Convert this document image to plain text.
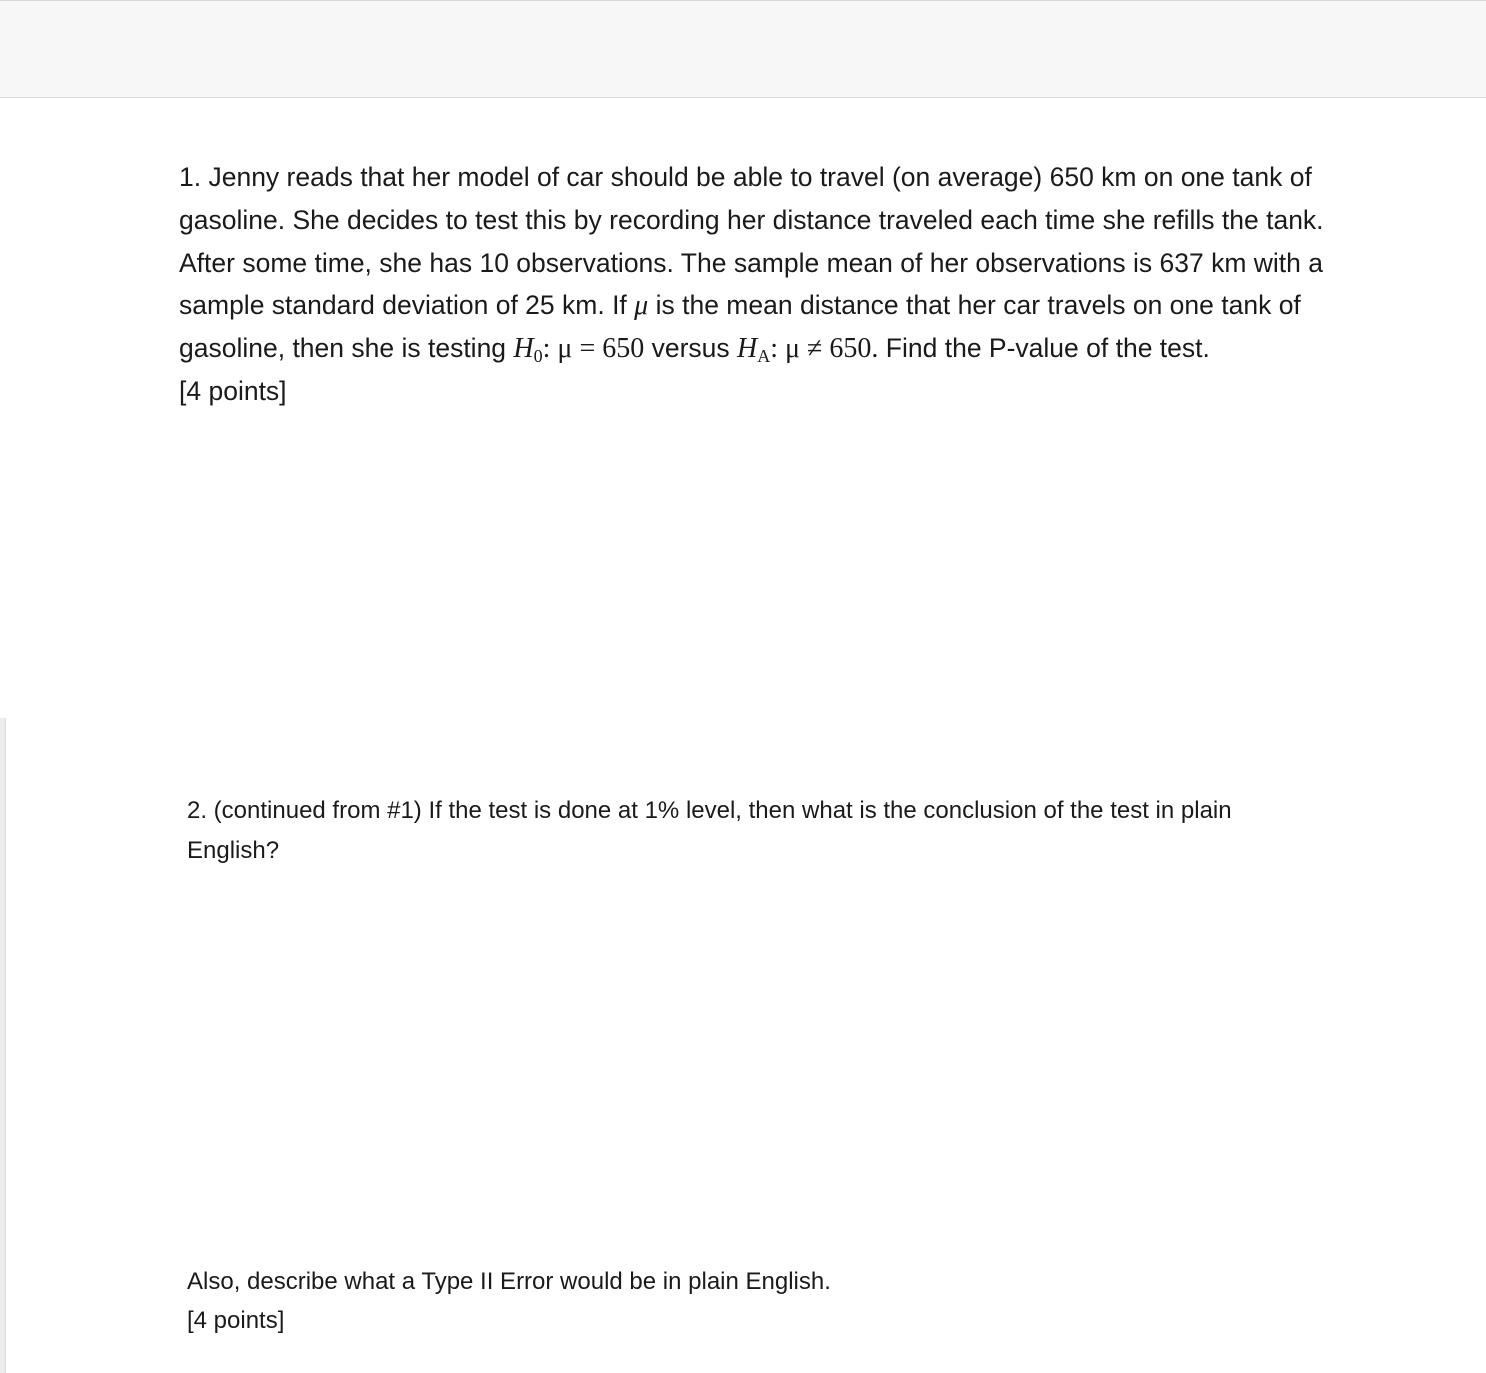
1. Jenny reads that her model of car should be able to travel (on average) 650 km on one tank of
gasoline. She decides to test this by recording her distance traveled each time she refills the tank.
After some time, she has 10 observations. The sample mean of her observations is 637 km with a
sample standard deviation of 25 km. If μ is the mean distance that her car travels on one tank of
gasoline, then she is testing $H_0$: μ = 650 versus $H_A$: μ ≠ 650. Find the P-value of the test.
[4 points]
2. (continued from #1) If the test is done at 1% level, then what is the conclusion of the test in plain
English?
Also, describe what a Type II Error would be in plain English.
[4 points]
